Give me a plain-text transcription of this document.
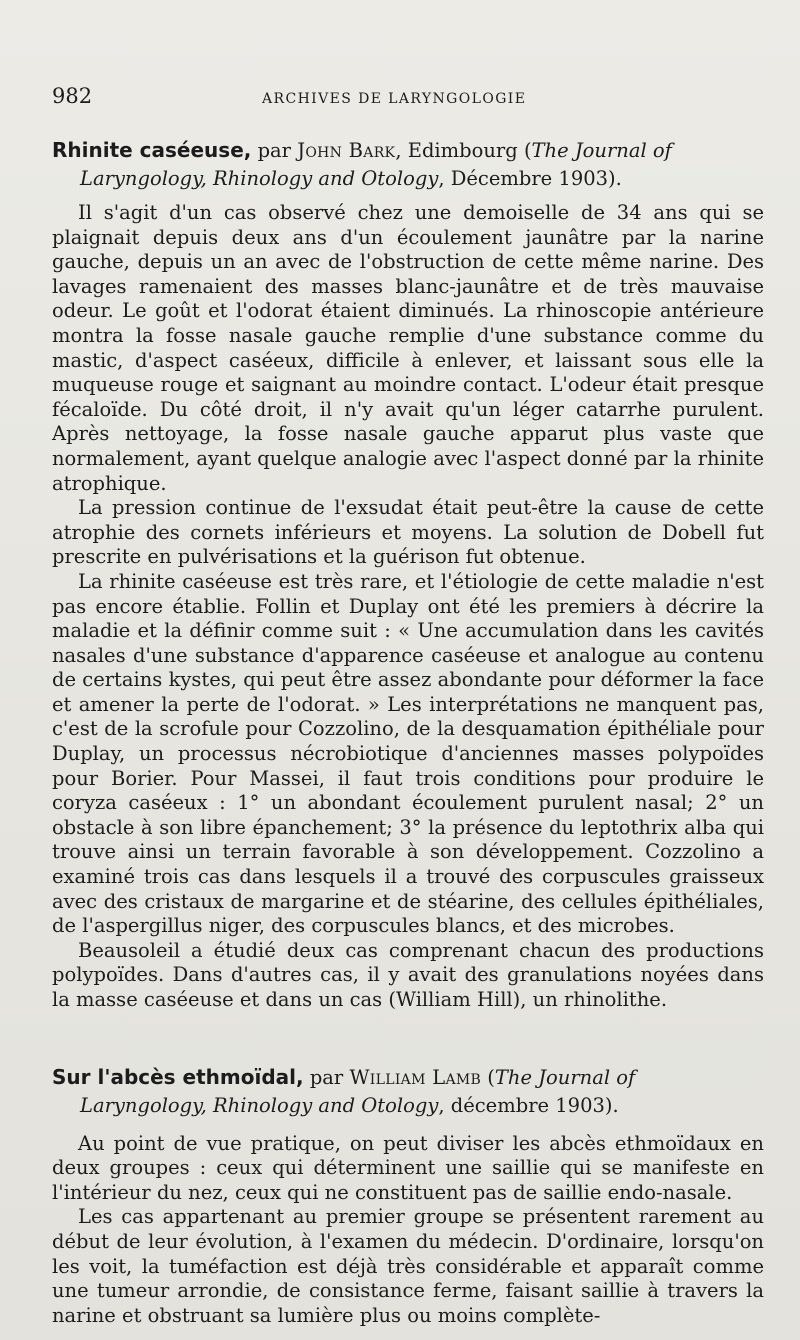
982	ARCHIVES DE LARYNGOLOGIE

Rhinite caséeuse, par John Bark, Edimbourg (The Journal of Laryngology, Rhinology and Otology, Décembre 1903).

Il s'agit d'un cas observé chez une demoiselle de 34 ans qui se plaignait depuis deux ans d'un écoulement jaunâtre par la narine gauche, depuis un an avec de l'obstruction de cette même narine. Des lavages ramenaient des masses blanc-jaunâtre et de très mauvaise odeur. Le goût et l'odorat étaient diminués. La rhinoscopie antérieure montra la fosse nasale gauche remplie d'une substance comme du mastic, d'aspect caséeux, difficile à enlever, et laissant sous elle la muqueuse rouge et saignant au moindre contact. L'odeur était presque fécaloïde. Du côté droit, il n'y avait qu'un léger catarrhe purulent. Après nettoyage, la fosse nasale gauche apparut plus vaste que normalement, ayant quelque analogie avec l'aspect donné par la rhinite atrophique.

La pression continue de l'exsudat était peut-être la cause de cette atrophie des cornets inférieurs et moyens. La solution de Dobell fut prescrite en pulvérisations et la guérison fut obtenue.

La rhinite caséeuse est très rare, et l'étiologie de cette maladie n'est pas encore établie. Follin et Duplay ont été les premiers à décrire la maladie et la définir comme suit : « Une accumulation dans les cavités nasales d'une substance d'apparence caséeuse et analogue au contenu de certains kystes, qui peut être assez abondante pour déformer la face et amener la perte de l'odorat. » Les interprétations ne manquent pas, c'est de la scrofule pour Cozzolino, de la desquamation épithéliale pour Duplay, un processus nécrobiotique d'anciennes masses polypoïdes pour Borier. Pour Massei, il faut trois conditions pour produire le coryza caséeux : 1° un abondant écoulement purulent nasal; 2° un obstacle à son libre épanchement; 3° la présence du leptothrix alba qui trouve ainsi un terrain favorable à son développement. Cozzolino a examiné trois cas dans lesquels il a trouvé des corpuscules graisseux avec des cristaux de margarine et de stéarine, des cellules épithéliales, de l'aspergillus niger, des corpuscules blancs, et des microbes.

Beausoleil a étudié deux cas comprenant chacun des productions polypoïdes. Dans d'autres cas, il y avait des granulations noyées dans la masse caséeuse et dans un cas (William Hill), un rhinolithe.

Sur l'abcès ethmoïdal, par William Lamb (The Journal of Laryngology, Rhinology and Otology, décembre 1903).

Au point de vue pratique, on peut diviser les abcès ethmoïdaux en deux groupes : ceux qui déterminent une saillie qui se manifeste en l'intérieur du nez, ceux qui ne constituent pas de saillie endo-nasale.

Les cas appartenant au premier groupe se présentent rarement au début de leur évolution, à l'examen du médecin. D'ordinaire, lorsqu'on les voit, la tuméfaction est déjà très considérable et apparaît comme une tumeur arrondie, de consistance ferme, faisant saillie à travers la narine et obstruant sa lumière plus ou moins complète-
